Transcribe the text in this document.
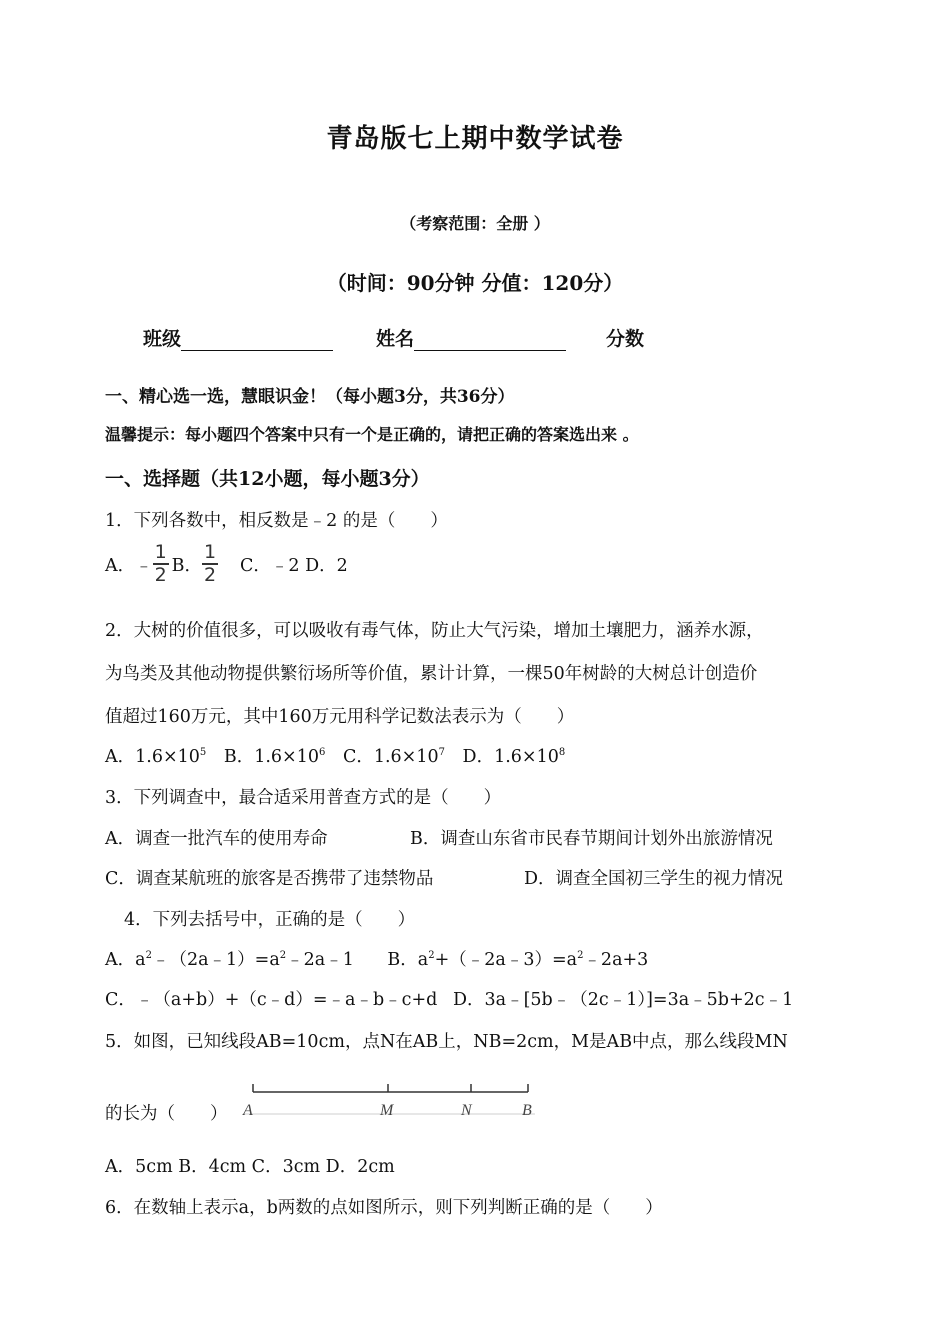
青岛版七上期中数学试卷
（考察范围：全册 ）
（时间：90分钟 分值：120分）
班级	姓名	分数
一、精心选一选，慧眼识金！（每小题3分，共36分）
温馨提示：每小题四个答案中只有一个是正确的，请把正确的答案选出来 。
一、选择题（共12小题，每小题3分）
1．下列各数中，相反数是﹣2 的是（　　）
A．﹣ $\frac{1}{2}$ B． $\frac{1}{2}$ C．﹣2 D．2
2．大树的价值很多，可以吸收有毒气体，防止大气污染，增加土壤肥力，涵养水源，
为鸟类及其他动物提供繁衍场所等价值，累计计算，一棵50年树龄的大树总计创造价
值超过160万元，其中160万元用科学记数法表示为（　　）
A．$1.6\times 10^5$ B．$1.6\times 10^6$ C．$1.6\times 10^7$ D．$1.6\times 10^8$
3．下列调查中，最合适采用普查方式的是（　　）
A．调查一批汽车的使用寿命	B．调查山东省市民春节期间计划外出旅游情况
C．调查某航班的旅客是否携带了违禁物品	D．调查全国初三学生的视力情况
4．下列去括号中，正确的是（　　）
A．$a^2﹣(2a﹣1)=a^2﹣2a﹣1$ B．$a^2+(﹣2a﹣3)=a^2﹣2a+3$
C．﹣（a+b）+（c﹣d）=﹣a﹣b﹣c+d D．3a﹣[5b﹣（2c﹣1）]=3a﹣5b+2c﹣1
5．如图，已知线段AB=10cm，点N在AB上，NB=2cm，M是AB中点，那么线段MN
的长为（　　） A	M	N	B
A．5cm B．4cm C．3cm D．2cm
6．在数轴上表示a，b两数的点如图所示，则下列判断正确的是（　　）
